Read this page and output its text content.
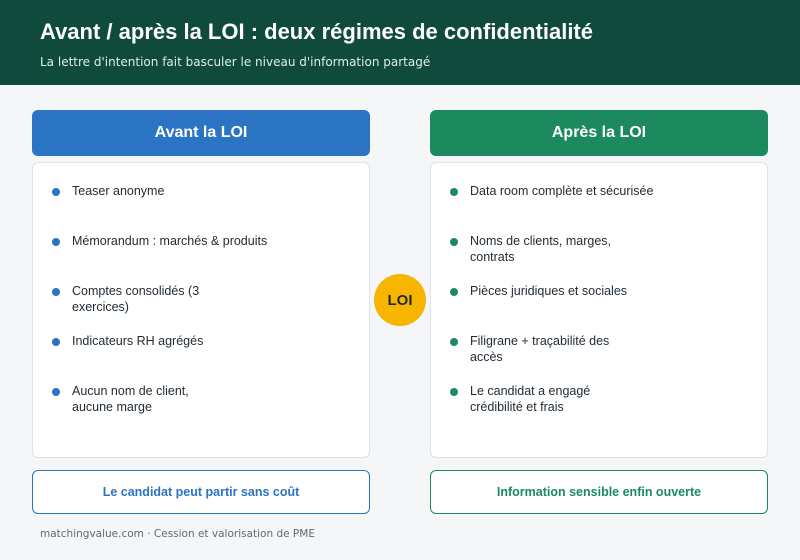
Avant / après la LOI : deux régimes de confidentialité
La lettre d'intention fait basculer le niveau d'information partagé
Avant la LOI	Après la LOI
Teaser anonyme
Mémorandum : marchés & produits
Comptes consolidés (3 exercices)
Indicateurs RH agrégés
Aucun nom de client, aucune marge
Data room complète et sécurisée
Noms de clients, marges, contrats
Pièces juridiques et sociales
Filigrane + traçabilité des accès
Le candidat a engagé crédibilité et frais
LOI
Le candidat peut partir sans coût	Information sensible enfin ouverte
matchingvalue.com · Cession et valorisation de PME
